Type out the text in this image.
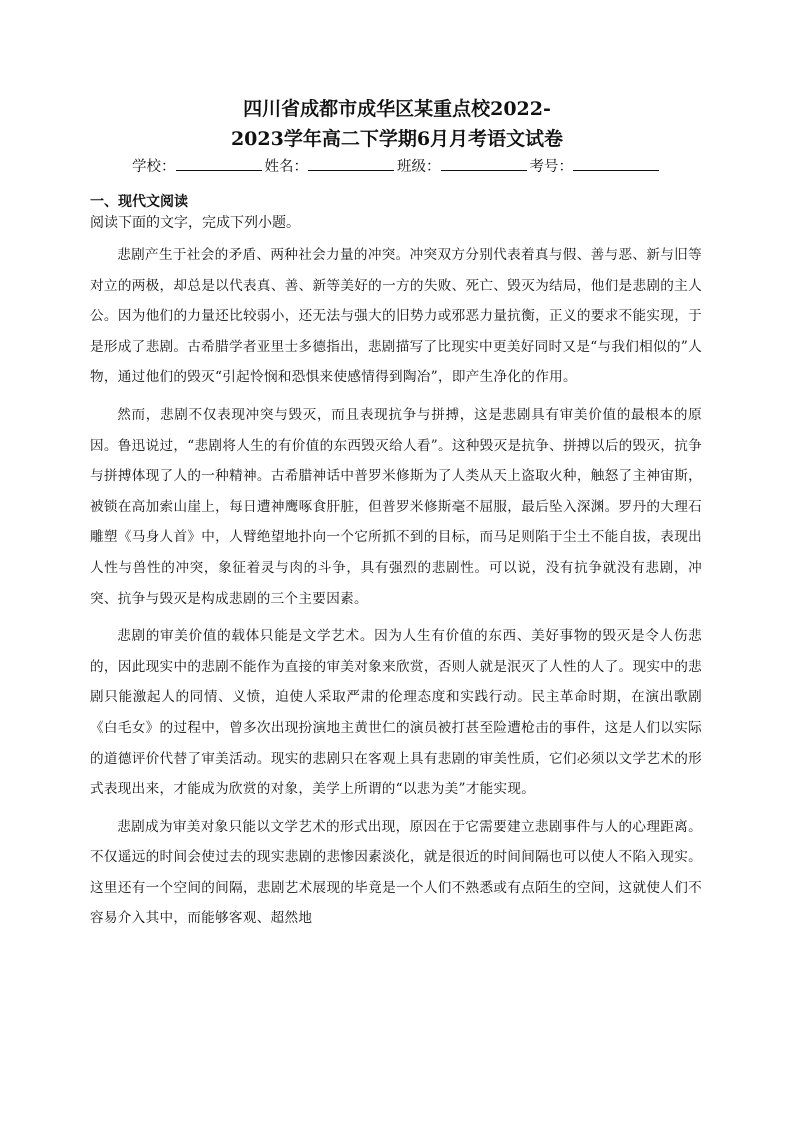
四川省成都市成华区某重点校2022-
2023学年高二下学期6月月考语文试卷
学校：	姓名：	班级：	考号：
一、现代文阅读
阅读下面的文字，完成下列小题。

悲剧产生于社会的矛盾、两种社会力量的冲突。冲突双方分别代表着真与假、善与恶、新与旧等对立的两极，却总是以代表真、善、新等美好的一方的失败、死亡、毁灭为结局，他们是悲剧的主人公。因为他们的力量还比较弱小，还无法与强大的旧势力或邪恶力量抗衡，正义的要求不能实现，于是形成了悲剧。古希腊学者亚里士多德指出，悲剧描写了比现实中更美好同时又是“与我们相似的”人物，通过他们的毁灭“引起怜悯和恐惧来使感情得到陶冶”，即产生净化的作用。

然而，悲剧不仅表现冲突与毁灭，而且表现抗争与拼搏，这是悲剧具有审美价值的最根本的原因。鲁迅说过，“悲剧将人生的有价值的东西毁灭给人看”。这种毁灭是抗争、拼搏以后的毁灭，抗争与拼搏体现了人的一种精神。古希腊神话中普罗米修斯为了人类从天上盗取火种，触怒了主神宙斯，被锁在高加索山崖上，每日遭神鹰啄食肝脏，但普罗米修斯毫不屈服，最后坠入深渊。罗丹的大理石雕塑《马身人首》中，人臂绝望地扑向一个它所抓不到的目标，而马足则陷于尘土不能自拔，表现出人性与兽性的冲突，象征着灵与肉的斗争，具有强烈的悲剧性。可以说，没有抗争就没有悲剧，冲突、抗争与毁灭是构成悲剧的三个主要因素。

悲剧的审美价值的载体只能是文学艺术。因为人生有价值的东西、美好事物的毁灭是令人伤悲的，因此现实中的悲剧不能作为直接的审美对象来欣赏，否则人就是泯灭了人性的人了。现实中的悲剧只能激起人的同情、义愤，迫使人采取严肃的伦理态度和实践行动。民主革命时期，在演出歌剧《白毛女》的过程中，曾多次出现扮演地主黄世仁的演员被打甚至险遭枪击的事件，这是人们以实际的道德评价代替了审美活动。现实的悲剧只在客观上具有悲剧的审美性质，它们必须以文学艺术的形式表现出来，才能成为欣赏的对象，美学上所谓的“以悲为美”才能实现。

悲剧成为审美对象只能以文学艺术的形式出现，原因在于它需要建立悲剧事件与人的心理距离。不仅遥远的时间会使过去的现实悲剧的悲惨因素淡化，就是很近的时间间隔也可以使人不陷入现实。这里还有一个空间的间隔，悲剧艺术展现的毕竟是一个人们不熟悉或有点陌生的空间，这就使人们不容易介入其中，而能够客观、超然地
